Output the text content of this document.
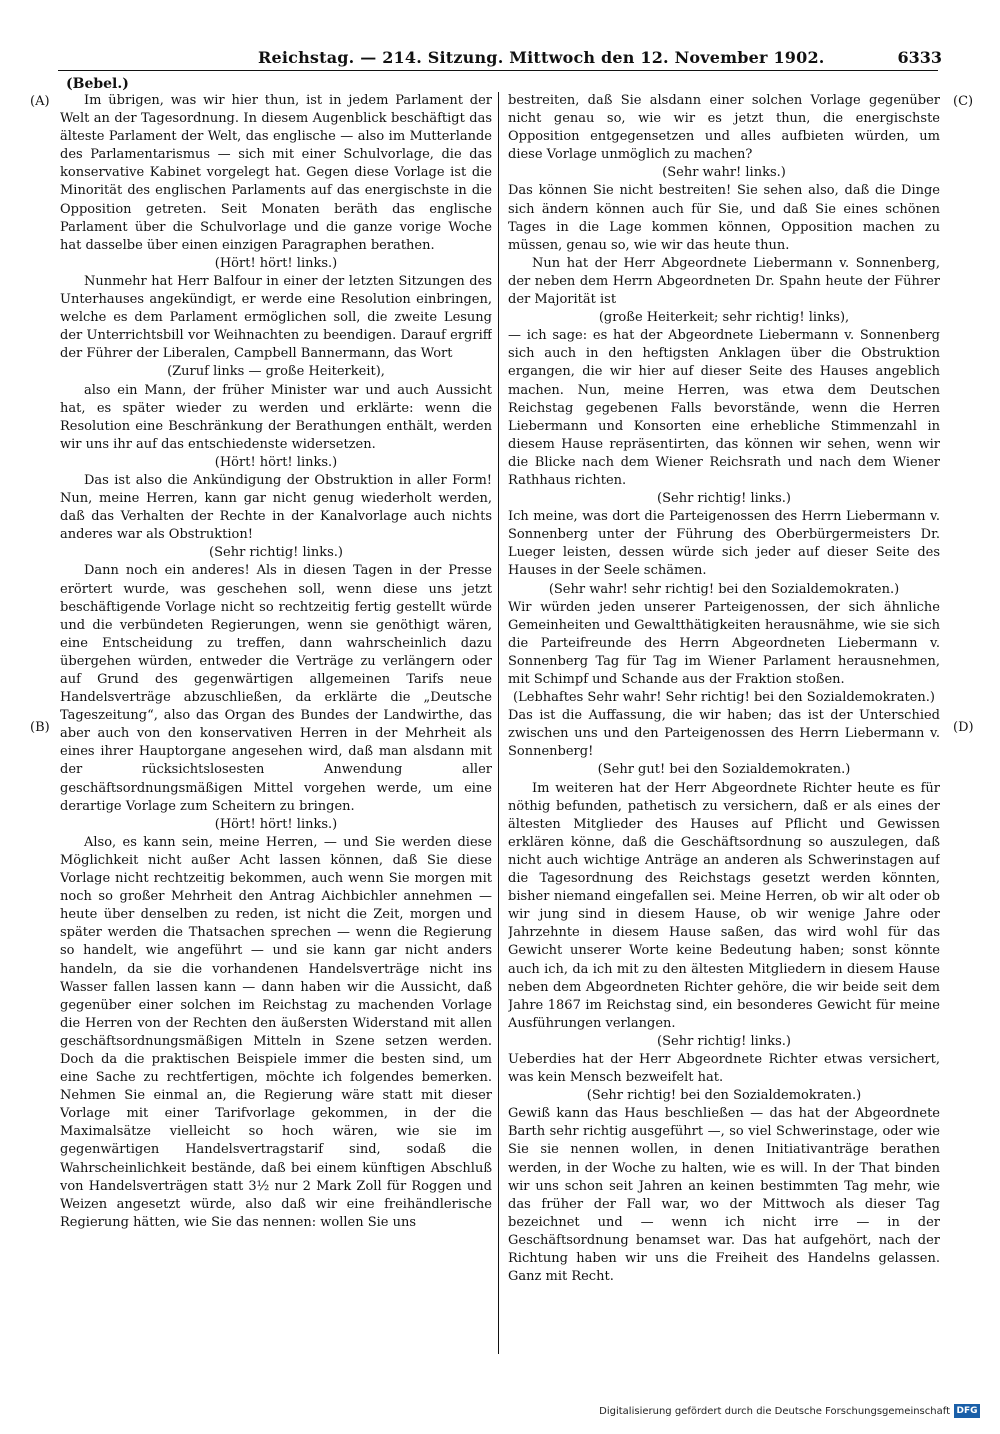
Reichstag. — 214. Sitzung. Mittwoch den 12. November 1902.	6333
(Bebel.)
(A)
(B)
(C)
(D)

Im übrigen, was wir hier thun, ist in jedem Parlament der Welt an der Tagesordnung. In diesem Augenblick beschäftigt das älteste Parlament der Welt, das englische — also im Mutterlande des Parlamentarismus — sich mit einer Schulvorlage, die das konservative Kabinet vorgelegt hat. Gegen diese Vorlage ist die Minorität des englischen Parlaments auf das energischste in die Opposition getreten. Seit Monaten beräth das englische Parlament über die Schulvorlage und die ganze vorige Woche hat dasselbe über einen einzigen Paragraphen berathen.

(Hört! hört! links.)

Nunmehr hat Herr Balfour in einer der letzten Sitzungen des Unterhauses angekündigt, er werde eine Resolution einbringen, welche es dem Parlament ermöglichen soll, die zweite Lesung der Unterrichtsbill vor Weihnachten zu beendigen. Darauf ergriff der Führer der Liberalen, Campbell Bannermann, das Wort

(Zuruf links — große Heiterkeit),

also ein Mann, der früher Minister war und auch Aussicht hat, es später wieder zu werden und erklärte: wenn die Resolution eine Beschränkung der Berathungen enthält, werden wir uns ihr auf das entschiedenste widersetzen.

(Hört! hört! links.)

Das ist also die Ankündigung der Obstruktion in aller Form! Nun, meine Herren, kann gar nicht genug wiederholt werden, daß das Verhalten der Rechte in der Kanalvorlage auch nichts anderes war als Obstruktion!

(Sehr richtig! links.)

Dann noch ein anderes! Als in diesen Tagen in der Presse erörtert wurde, was geschehen soll, wenn diese uns jetzt beschäftigende Vorlage nicht so rechtzeitig fertig gestellt würde und die verbündeten Regierungen, wenn sie genöthigt wären, eine Entscheidung zu treffen, dann wahrscheinlich dazu übergehen würden, entweder die Verträge zu verlängern oder auf Grund des gegenwärtigen allgemeinen Tarifs neue Handelsverträge abzuschließen, da erklärte die „Deutsche Tageszeitung“, also das Organ des Bundes der Landwirthe, das aber auch von den konservativen Herren in der Mehrheit als eines ihrer Hauptorgane angesehen wird, daß man alsdann mit der rücksichtslosesten Anwendung aller geschäftsordnungsmäßigen Mittel vorgehen werde, um eine derartige Vorlage zum Scheitern zu bringen.

(Hört! hört! links.)

Also, es kann sein, meine Herren, — und Sie werden diese Möglichkeit nicht außer Acht lassen können, daß Sie diese Vorlage nicht rechtzeitig bekommen, auch wenn Sie morgen mit noch so großer Mehrheit den Antrag Aichbichler annehmen — heute über denselben zu reden, ist nicht die Zeit, morgen und später werden die Thatsachen sprechen — wenn die Regierung so handelt, wie angeführt — und sie kann gar nicht anders handeln, da sie die vorhandenen Handelsverträge nicht ins Wasser fallen lassen kann — dann haben wir die Aussicht, daß gegenüber einer solchen im Reichstag zu machenden Vorlage die Herren von der Rechten den äußersten Widerstand mit allen geschäftsordnungsmäßigen Mitteln in Szene setzen werden. Doch da die praktischen Beispiele immer die besten sind, um eine Sache zu rechtfertigen, möchte ich folgendes bemerken. Nehmen Sie einmal an, die Regierung wäre statt mit dieser Vorlage mit einer Tarifvorlage gekommen, in der die Maximalsätze vielleicht so hoch wären, wie sie im gegenwärtigen Handelsvertragstarif sind, sodaß die Wahrscheinlichkeit bestände, daß bei einem künftigen Abschluß von Handelsverträgen statt 3½ nur 2 Mark Zoll für Roggen und Weizen angesetzt würde, also daß wir eine freihändlerische Regierung hätten, wie Sie das nennen: wollen Sie uns

bestreiten, daß Sie alsdann einer solchen Vorlage gegenüber nicht genau so, wie wir es jetzt thun, die energischste Opposition entgegensetzen und alles aufbieten würden, um diese Vorlage unmöglich zu machen?

(Sehr wahr! links.)

Das können Sie nicht bestreiten! Sie sehen also, daß die Dinge sich ändern können auch für Sie, und daß Sie eines schönen Tages in die Lage kommen können, Opposition machen zu müssen, genau so, wie wir das heute thun.

Nun hat der Herr Abgeordnete Liebermann v. Sonnenberg, der neben dem Herrn Abgeordneten Dr. Spahn heute der Führer der Majorität ist

(große Heiterkeit; sehr richtig! links),

— ich sage: es hat der Abgeordnete Liebermann v. Sonnenberg sich auch in den heftigsten Anklagen über die Obstruktion ergangen, die wir hier auf dieser Seite des Hauses angeblich machen. Nun, meine Herren, was etwa dem Deutschen Reichstag gegebenen Falls bevorstände, wenn die Herren Liebermann und Konsorten eine erhebliche Stimmenzahl in diesem Hause repräsentirten, das können wir sehen, wenn wir die Blicke nach dem Wiener Reichsrath und nach dem Wiener Rathhaus richten.

(Sehr richtig! links.)

Ich meine, was dort die Parteigenossen des Herrn Liebermann v. Sonnenberg unter der Führung des Oberbürgermeisters Dr. Lueger leisten, dessen würde sich jeder auf dieser Seite des Hauses in der Seele schämen.

(Sehr wahr! sehr richtig! bei den Sozialdemokraten.)

Wir würden jeden unserer Parteigenossen, der sich ähnliche Gemeinheiten und Gewaltthätigkeiten herausnähme, wie sie sich die Parteifreunde des Herrn Abgeordneten Liebermann v. Sonnenberg Tag für Tag im Wiener Parlament herausnehmen, mit Schimpf und Schande aus der Fraktion stoßen.

(Lebhaftes Sehr wahr! Sehr richtig! bei den Sozialdemokraten.)

Das ist die Auffassung, die wir haben; das ist der Unterschied zwischen uns und den Parteigenossen des Herrn Liebermann v. Sonnenberg!

(Sehr gut! bei den Sozialdemokraten.)

Im weiteren hat der Herr Abgeordnete Richter heute es für nöthig befunden, pathetisch zu versichern, daß er als eines der ältesten Mitglieder des Hauses auf Pflicht und Gewissen erklären könne, daß die Geschäftsordnung so auszulegen, daß nicht auch wichtige Anträge an anderen als Schwerinstagen auf die Tagesordnung des Reichstags gesetzt werden könnten, bisher niemand eingefallen sei. Meine Herren, ob wir alt oder ob wir jung sind in diesem Hause, ob wir wenige Jahre oder Jahrzehnte in diesem Hause saßen, das wird wohl für das Gewicht unserer Worte keine Bedeutung haben; sonst könnte auch ich, da ich mit zu den ältesten Mitgliedern in diesem Hause neben dem Abgeordneten Richter gehöre, die wir beide seit dem Jahre 1867 im Reichstag sind, ein besonderes Gewicht für meine Ausführungen verlangen.

(Sehr richtig! links.)

Ueberdies hat der Herr Abgeordnete Richter etwas versichert, was kein Mensch bezweifelt hat.

(Sehr richtig! bei den Sozialdemokraten.)

Gewiß kann das Haus beschließen — das hat der Abgeordnete Barth sehr richtig ausgeführt —, so viel Schwerinstage, oder wie Sie sie nennen wollen, in denen Initiativanträge berathen werden, in der Woche zu halten, wie es will. In der That binden wir uns schon seit Jahren an keinen bestimmten Tag mehr, wie das früher der Fall war, wo der Mittwoch als dieser Tag bezeichnet und — wenn ich nicht irre — in der Geschäftsordnung benamset war. Das hat aufgehört, nach der Richtung haben wir uns die Freiheit des Handelns gelassen. Ganz mit Recht.

Digitalisierung gefördert durch die Deutsche Forschungsgemeinschaft DFG
